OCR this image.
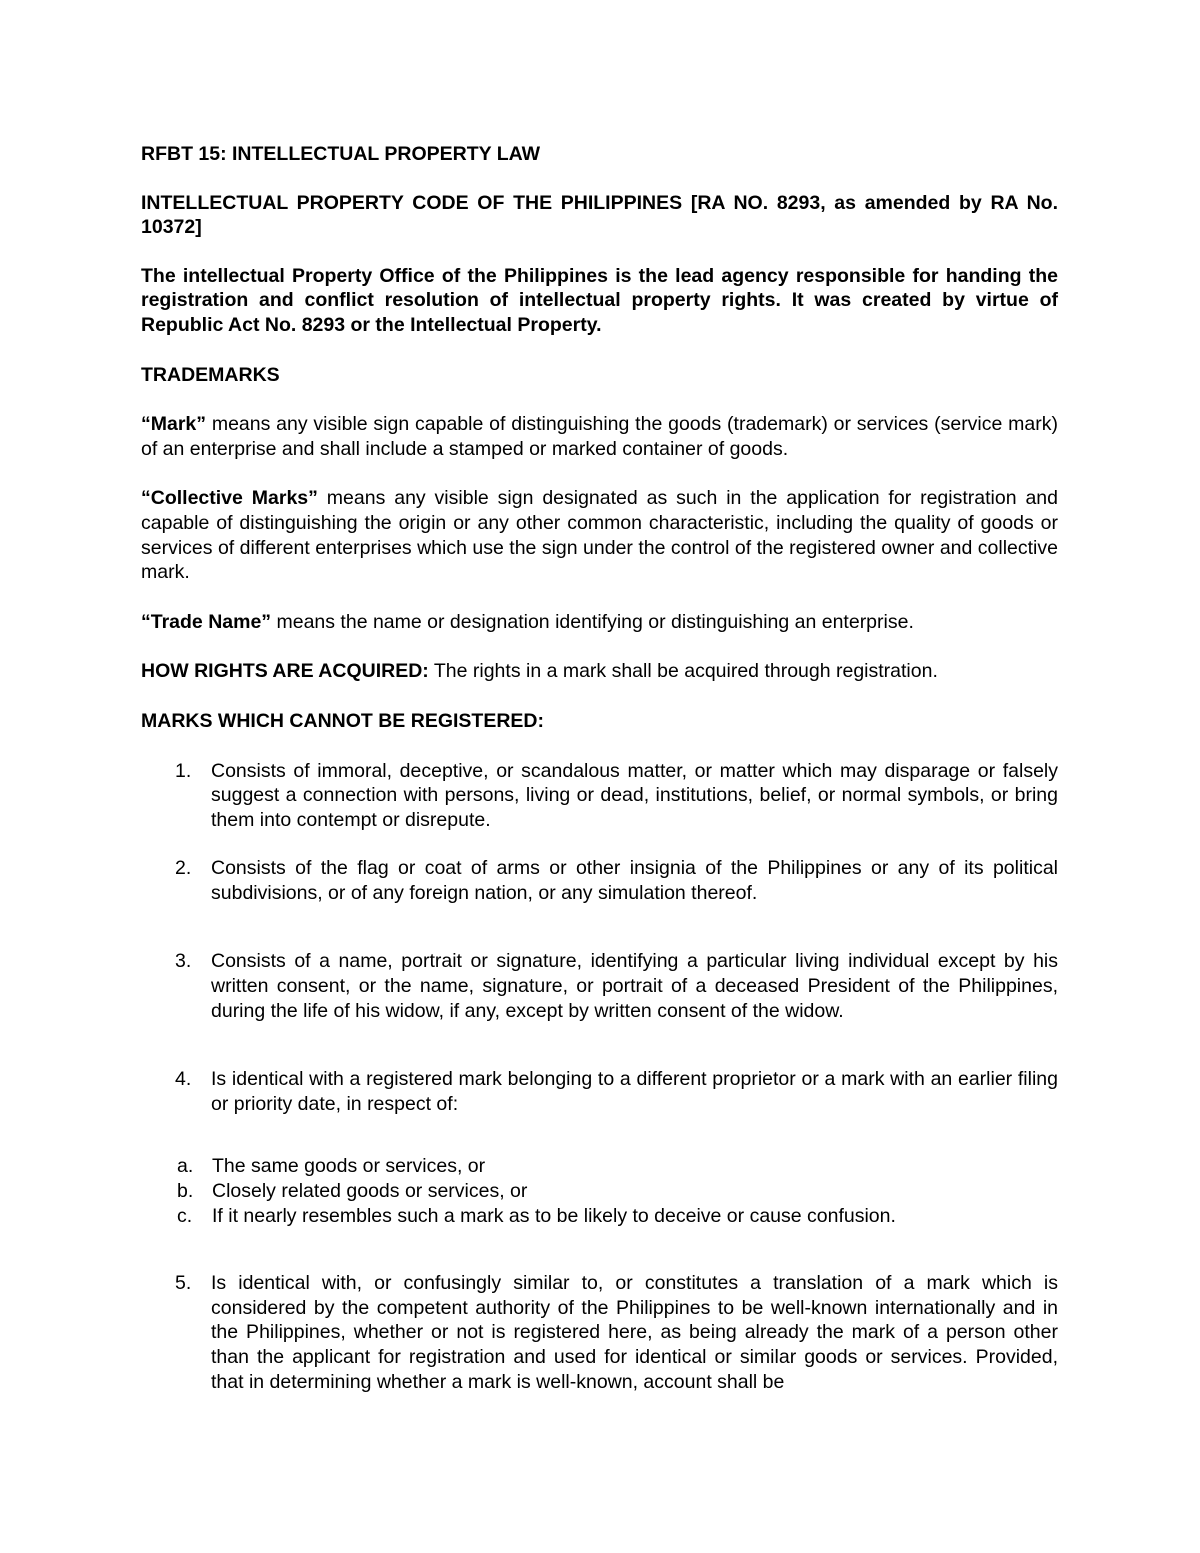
RFBT 15: INTELLECTUAL PROPERTY LAW

INTELLECTUAL PROPERTY CODE OF THE PHILIPPINES [RA NO. 8293, as amended by RA No. 10372]

The intellectual Property Office of the Philippines is the lead agency responsible for handing the registration and conflict resolution of intellectual property rights. It was created by virtue of Republic Act No. 8293 or the Intellectual Property.

TRADEMARKS

“Mark” means any visible sign capable of distinguishing the goods (trademark) or services (service mark) of an enterprise and shall include a stamped or marked container of goods.

“Collective Marks” means any visible sign designated as such in the application for registration and capable of distinguishing the origin or any other common characteristic, including the quality of goods or services of different enterprises which use the sign under the control of the registered owner and collective mark.

“Trade Name” means the name or designation identifying or distinguishing an enterprise.

HOW RIGHTS ARE ACQUIRED: The rights in a mark shall be acquired through registration.

MARKS WHICH CANNOT BE REGISTERED:

1. Consists of immoral, deceptive, or scandalous matter, or matter which may disparage or falsely suggest a connection with persons, living or dead, institutions, belief, or normal symbols, or bring them into contempt or disrepute.
2. Consists of the flag or coat of arms or other insignia of the Philippines or any of its political subdivisions, or of any foreign nation, or any simulation thereof.
3. Consists of a name, portrait or signature, identifying a particular living individual except by his written consent, or the name, signature, or portrait of a deceased President of the Philippines, during the life of his widow, if any, except by written consent of the widow.
4. Is identical with a registered mark belonging to a different proprietor or a mark with an earlier filing or priority date, in respect of:
a. The same goods or services, or
b. Closely related goods or services, or
c. If it nearly resembles such a mark as to be likely to deceive or cause confusion.
5. Is identical with, or confusingly similar to, or constitutes a translation of a mark which is considered by the competent authority of the Philippines to be well-known internationally and in the Philippines, whether or not is registered here, as being already the mark of a person other than the applicant for registration and used for identical or similar goods or services. Provided, that in determining whether a mark is well-known, account shall be
